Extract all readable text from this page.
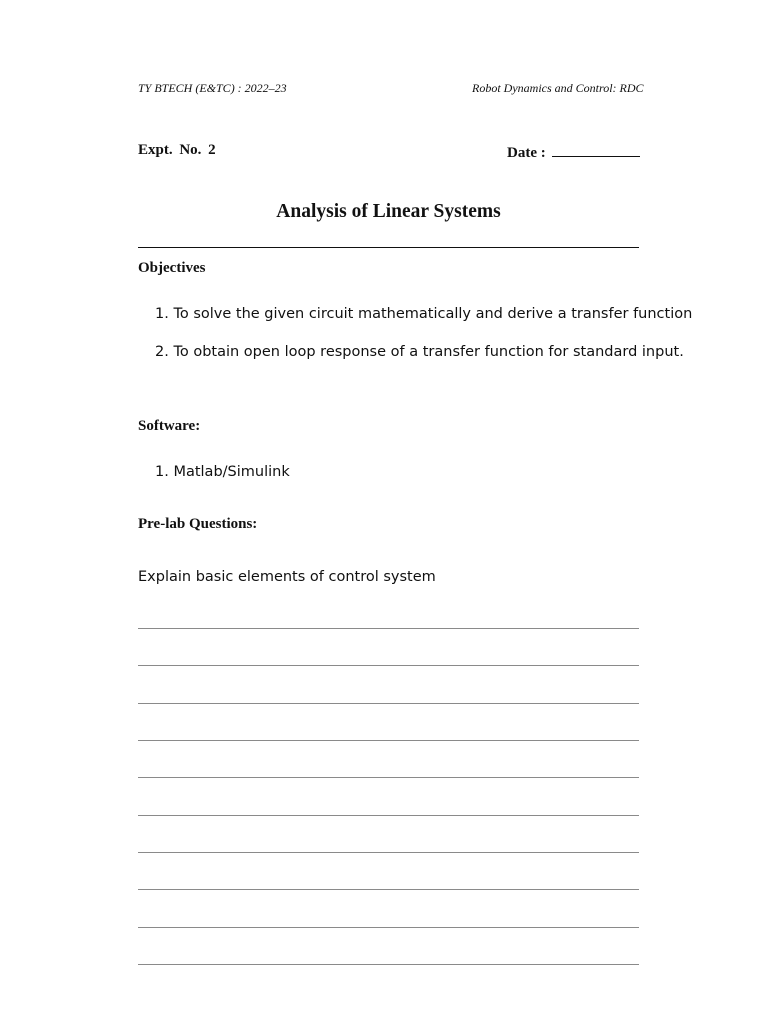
TY BTECH (E&TC) : 2022–23	Robot Dynamics and Control: RDC
Expt. No. 2	Date :
Analysis of Linear Systems
Objectives
1. To solve the given circuit mathematically and derive a transfer function
2. To obtain open loop response of a transfer function for standard input.
Software:
1. Matlab/Simulink
Pre-lab Questions:
Explain basic elements of control system
